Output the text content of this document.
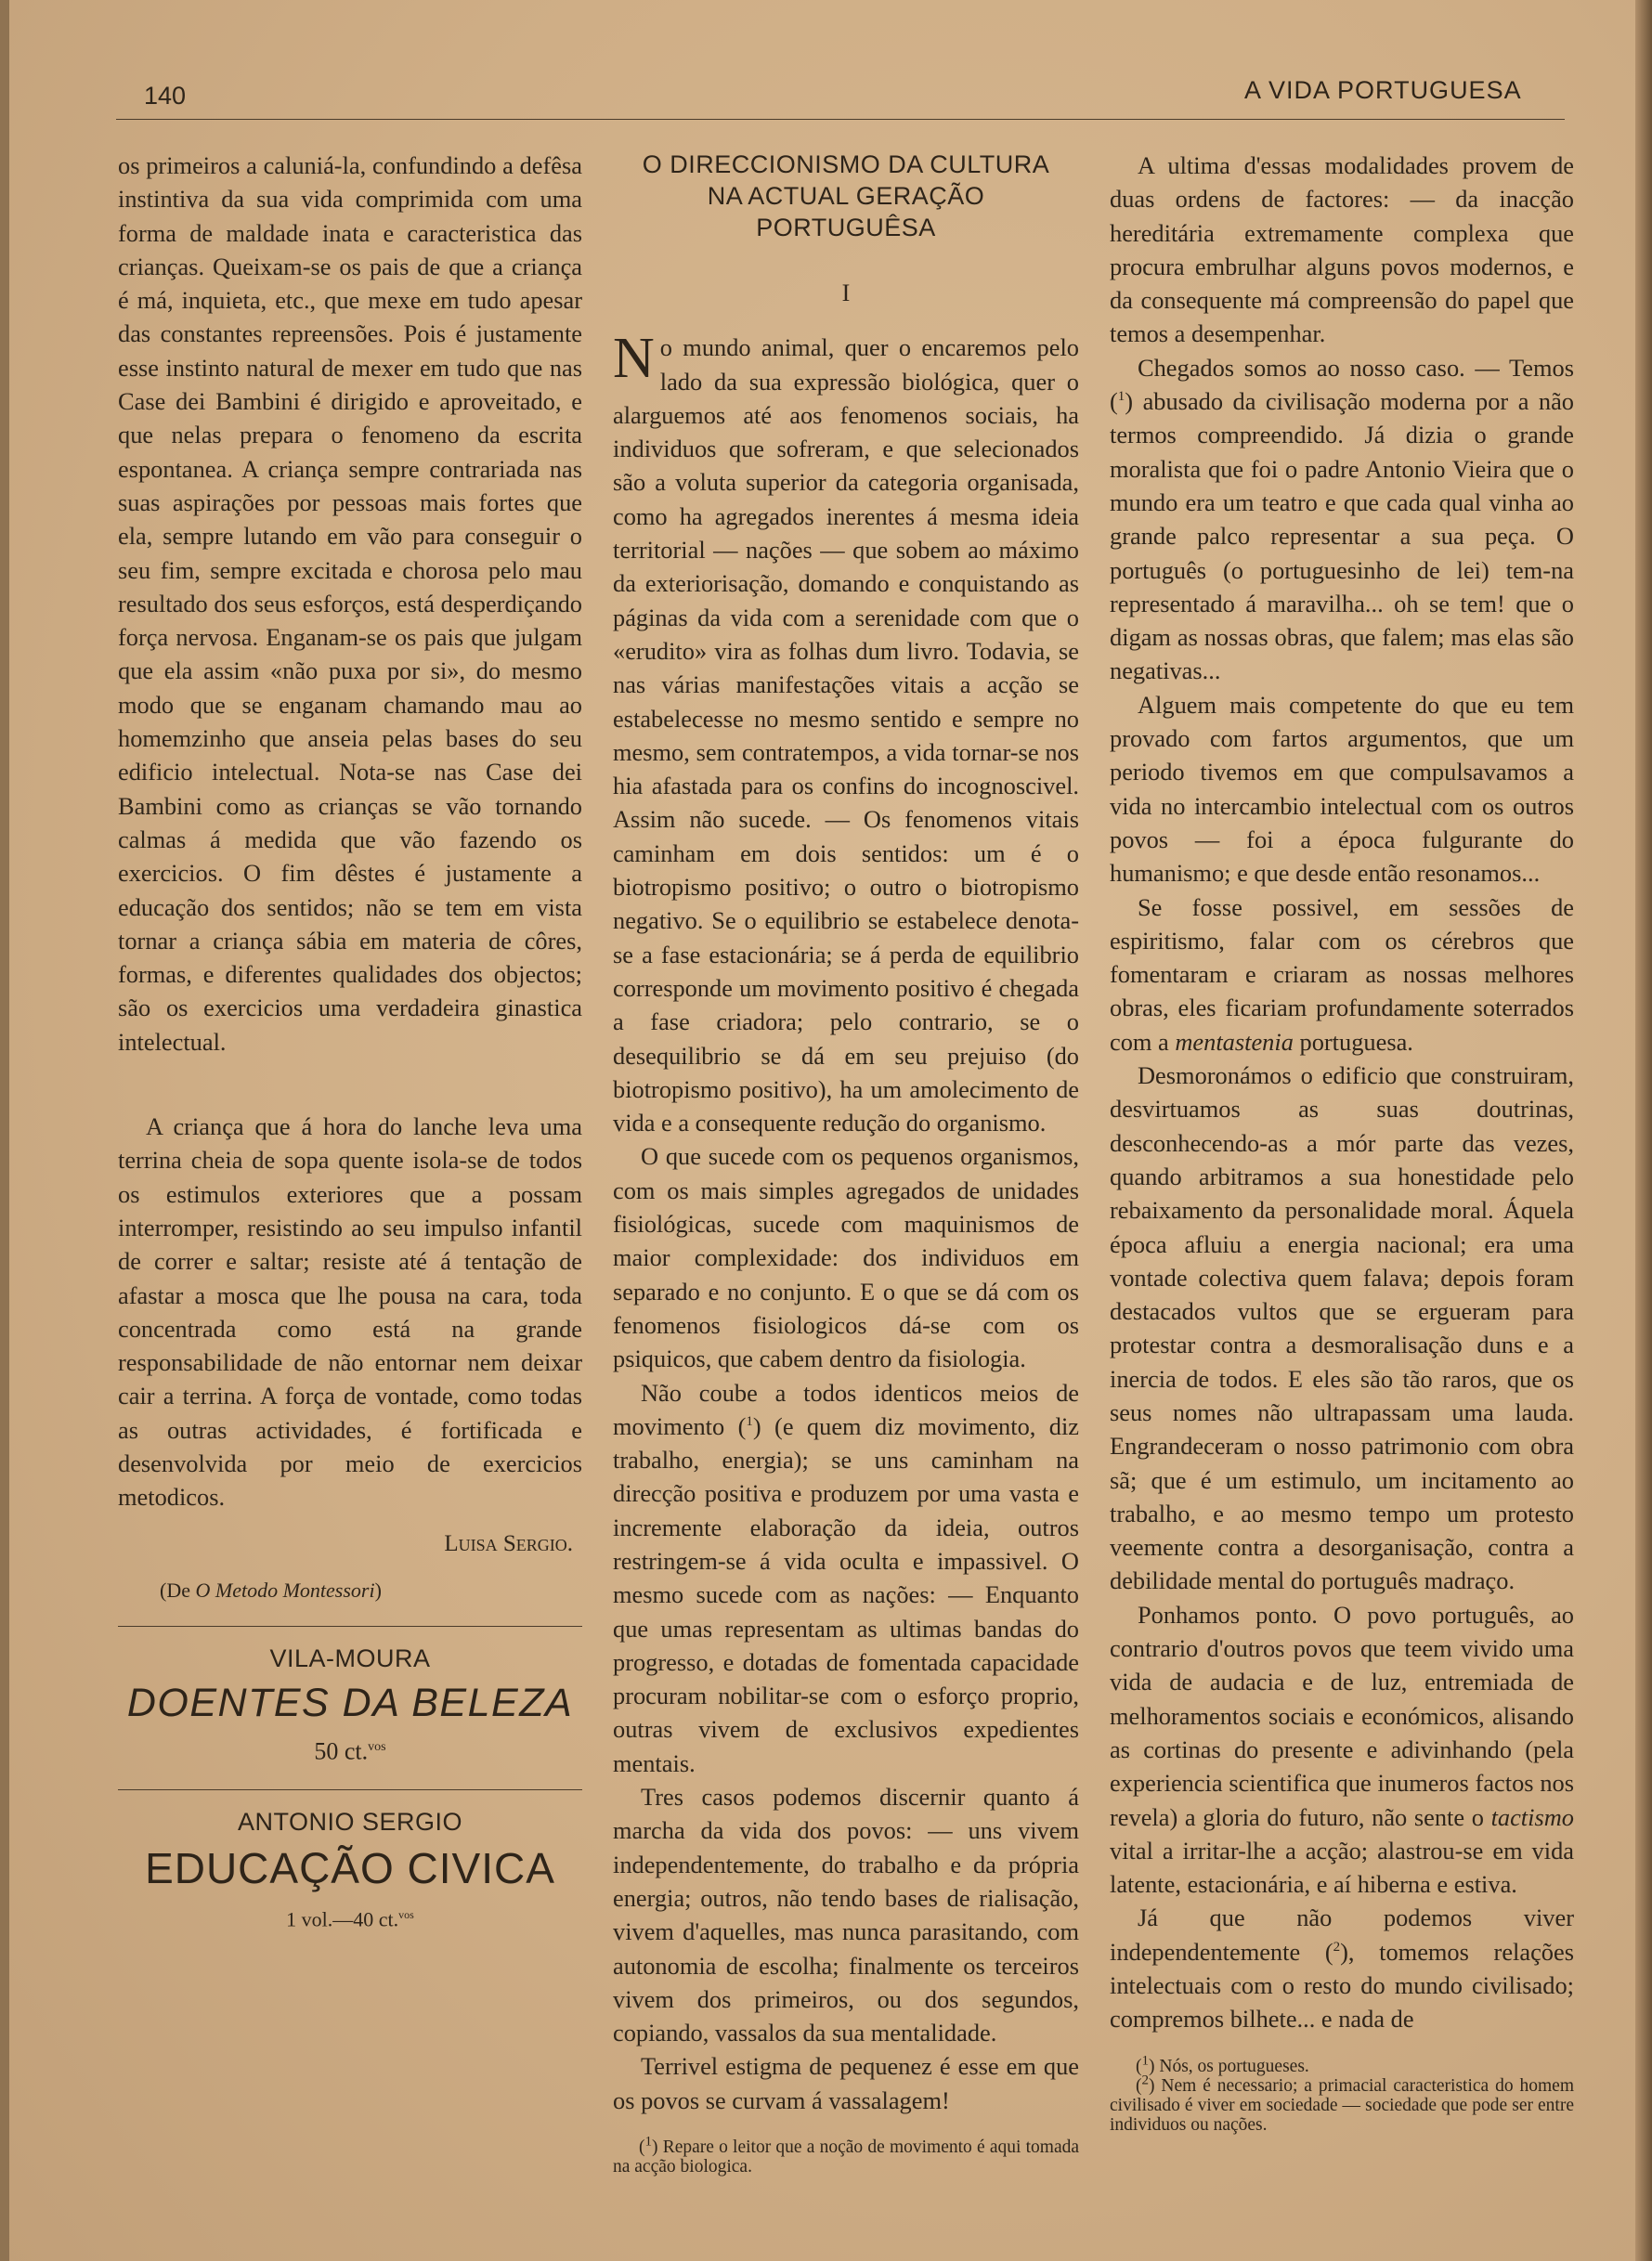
140	A VIDA PORTUGUESA

os primeiros a caluniá-la, confundindo a defêsa instintiva da sua vida comprimida com uma forma de maldade inata e caracteristica das crianças. Queixam-se os pais de que a criança é má, inquieta, etc., que mexe em tudo apesar das constantes repreensões. Pois é justamente esse instinto natural de mexer em tudo que nas Case dei Bambini é dirigido e aproveitado, e que nelas prepara o fenomeno da escrita espontanea. A criança sempre contrariada nas suas aspirações por pessoas mais fortes que ela, sempre lutando em vão para conseguir o seu fim, sempre excitada e chorosa pelo mau resultado dos seus esforços, está desperdiçando força nervosa. Enganam-se os pais que julgam que ela assim «não puxa por si», do mesmo modo que se enganam chamando mau ao homemzinho que anseia pelas bases do seu edificio intelectual. Nota-se nas Case dei Bambini como as crianças se vão tornando calmas á medida que vão fazendo os exercicios. O fim dêstes é justamente a educação dos sentidos; não se tem em vista tornar a criança sábia em materia de côres, formas, e diferentes qualidades dos objectos; são os exercicios uma verdadeira ginastica intelectual.

A criança que á hora do lanche leva uma terrina cheia de sopa quente isola-se de todos os estimulos exteriores que a possam interromper, resistindo ao seu impulso infantil de correr e saltar; resiste até á tentação de afastar a mosca que lhe pousa na cara, toda concentrada como está na grande responsabilidade de não entornar nem deixar cair a terrina. A força de vontade, como todas as outras actividades, é fortificada e desenvolvida por meio de exercicios metodicos.

Luisa Sergio.
(De O Metodo Montessori)
VILA-MOURA
DOENTES DA BELEZA
50 ct.$^{vos}$
ANTONIO SERGIO
EDUCAÇÃO CIVICA
1 vol.—40 ct.$^{vos}$
O DIRECCIONISMO DA CULTURA NA ACTUAL GERAÇÃO PORTUGUÊSA
I

No mundo animal, quer o encaremos pelo lado da sua expressão biológica, quer o alarguemos até aos fenomenos sociais, ha individuos que sofreram, e que selecionados são a voluta superior da categoria organisada, como ha agregados inerentes á mesma ideia territorial — nações — que sobem ao máximo da exteriorisação, domando e conquistando as páginas da vida com a serenidade com que o «erudito» vira as folhas dum livro. Todavia, se nas várias manifestações vitais a acção se estabelecesse no mesmo sentido e sempre no mesmo, sem contratempos, a vida tornar-se nos hia afastada para os confins do incognoscivel. Assim não sucede. — Os fenomenos vitais caminham em dois sentidos: um é o biotropismo positivo; o outro o biotropismo negativo. Se o equilibrio se estabelece denota-se a fase estacionária; se á perda de equilibrio corresponde um movimento positivo é chegada a fase criadora; pelo contrario, se o desequilibrio se dá em seu prejuiso (do biotropismo positivo), ha um amolecimento de vida e a consequente redução do organismo.

O que sucede com os pequenos organismos, com os mais simples agregados de unidades fisiológicas, sucede com maquinismos de maior complexidade: dos individuos em separado e no conjunto. E o que se dá com os fenomenos fisiologicos dá-se com os psiquicos, que cabem dentro da fisiologia.

Não coube a todos identicos meios de movimento ($^1$) (e quem diz movimento, diz trabalho, energia); se uns caminham na direcção positiva e produzem por uma vasta e incremente elaboração da ideia, outros restringem-se á vida oculta e impassivel. O mesmo sucede com as nações: — Enquanto que umas representam as ultimas bandas do progresso, e dotadas de fomentada capacidade procuram nobilitar-se com o esforço proprio, outras vivem de exclusivos expedientes mentais.

Tres casos podemos discernir quanto á marcha da vida dos povos: — uns vivem independentemente, do trabalho e da própria energia; outros, não tendo bases de rialisação, vivem d'aquelles, mas nunca parasitando, com autonomia de escolha; finalmente os terceiros vivem dos primeiros, ou dos segundos, copiando, vassalos da sua mentalidade.

Terrivel estigma de pequenez é esse em que os povos se curvam á vassalagem!

($^1$) Repare o leitor que a noção de movimento é aqui tomada na acção biologica.

A ultima d'essas modalidades provem de duas ordens de factores: — da inacção hereditária extremamente complexa que procura embrulhar alguns povos modernos, e da consequente má compreensão do papel que temos a desempenhar.

Chegados somos ao nosso caso. — Temos ($^1$) abusado da civilisação moderna por a não termos compreendido. Já dizia o grande moralista que foi o padre Antonio Vieira que o mundo era um teatro e que cada qual vinha ao grande palco representar a sua peça. O português (o portuguesinho de lei) tem-na representado á maravilha... oh se tem! que o digam as nossas obras, que falem; mas elas são negativas...

Alguem mais competente do que eu tem provado com fartos argumentos, que um periodo tivemos em que compulsavamos a vida no intercambio intelectual com os outros povos — foi a época fulgurante do humanismo; e que desde então resonamos...

Se fosse possivel, em sessões de espiritismo, falar com os cérebros que fomentaram e criaram as nossas melhores obras, eles ficariam profundamente soterrados com a mentastenia portuguesa.

Desmoronámos o edificio que construiram, desvirtuamos as suas doutrinas, desconhecendo-as a mór parte das vezes, quando arbitramos a sua honestidade pelo rebaixamento da personalidade moral. Áquela época afluiu a energia nacional; era uma vontade colectiva quem falava; depois foram destacados vultos que se ergueram para protestar contra a desmoralisação duns e a inercia de todos. E eles são tão raros, que os seus nomes não ultrapassam uma lauda. Engrandeceram o nosso patrimonio com obra sã; que é um estimulo, um incitamento ao trabalho, e ao mesmo tempo um protesto veemente contra a desorganisação, contra a debilidade mental do português madraço.

Ponhamos ponto. O povo português, ao contrario d'outros povos que teem vivido uma vida de audacia e de luz, entremiada de melhoramentos sociais e económicos, alisando as cortinas do presente e adivinhando (pela experiencia scientifica que inumeros factos nos revela) a gloria do futuro, não sente o tactismo vital a irritar-lhe a acção; alastrou-se em vida latente, estacionária, e aí hiberna e estiva.

Já que não podemos viver independentemente ($^2$), tomemos relações intelectuais com o resto do mundo civilisado; compremos bilhete... e nada de

($^1$) Nós, os portugueses.

($^2$) Nem é necessario; a primacial caracteristica do homem civilisado é viver em sociedade — sociedade que pode ser entre individuos ou nações.
